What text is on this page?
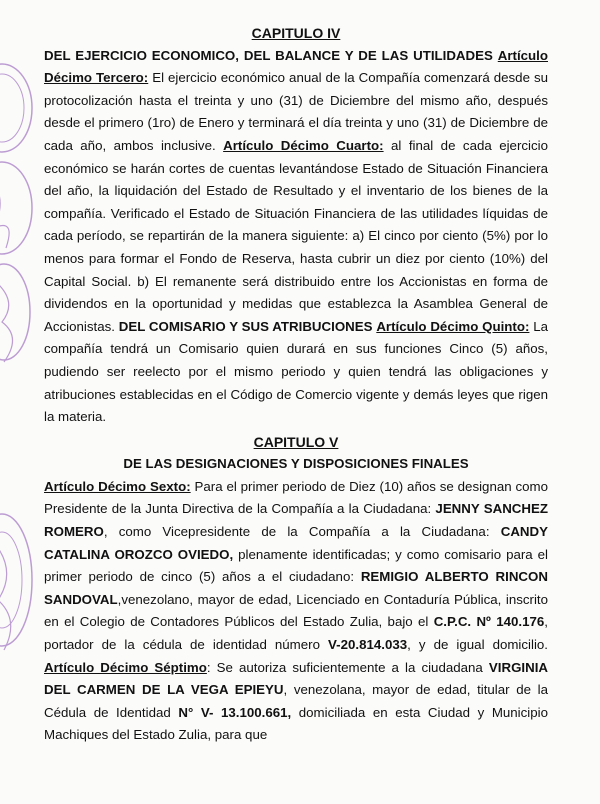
CAPITULO IV

DEL EJERCICIO ECONOMICO, DEL BALANCE Y DE LAS UTILIDADES Artículo Décimo Tercero: El ejercicio económico anual de la Compañía comenzará desde su protocolización hasta el treinta y uno (31) de Diciembre del mismo año, después desde el primero (1ro) de Enero y terminará el día treinta y uno (31) de Diciembre de cada año, ambos inclusive. Artículo Décimo Cuarto: al final de cada ejercicio económico se harán cortes de cuentas levantándose Estado de Situación Financiera del año, la liquidación del Estado de Resultado y el inventario de los bienes de la compañía. Verificado el Estado de Situación Financiera de las utilidades líquidas de cada período, se repartirán de la manera siguiente: a) El cinco por ciento (5%) por lo menos para formar el Fondo de Reserva, hasta cubrir un diez por ciento (10%) del Capital Social. b) El remanente será distribuido entre los Accionistas en forma de dividendos en la oportunidad y medidas que establezca la Asamblea General de Accionistas. DEL COMISARIO Y SUS ATRIBUCIONES Artículo Décimo Quinto: La compañía tendrá un Comisario quien durará en sus funciones Cinco (5) años, pudiendo ser reelecto por el mismo periodo y quien tendrá las obligaciones y atribuciones establecidas en el Código de Comercio vigente y demás leyes que rigen la materia.

CAPITULO V

DE LAS DESIGNACIONES Y DISPOSICIONES FINALES

Artículo Décimo Sexto: Para el primer periodo de Diez (10) años se designan como Presidente de la Junta Directiva de la Compañía a la Ciudadana: JENNY SANCHEZ ROMERO, como Vicepresidente de la Compañía a la Ciudadana: CANDY CATALINA OROZCO OVIEDO, plenamente identificadas; y como comisario para el primer periodo de cinco (5) años a el ciudadano: REMIGIO ALBERTO RINCON SANDOVAL,venezolano, mayor de edad, Licenciado en Contaduría Pública, inscrito en el Colegio de Contadores Públicos del Estado Zulia, bajo el C.P.C. Nº 140.176, portador de la cédula de identidad número V-20.814.033, y de igual domicilio. Artículo Décimo Séptimo: Se autoriza suficientemente a la ciudadana VIRGINIA DEL CARMEN DE LA VEGA EPIEYU, venezolana, mayor de edad, titular de la Cédula de Identidad N° V- 13.100.661, domiciliada en esta Ciudad y Municipio Machiques del Estado Zulia, para que
